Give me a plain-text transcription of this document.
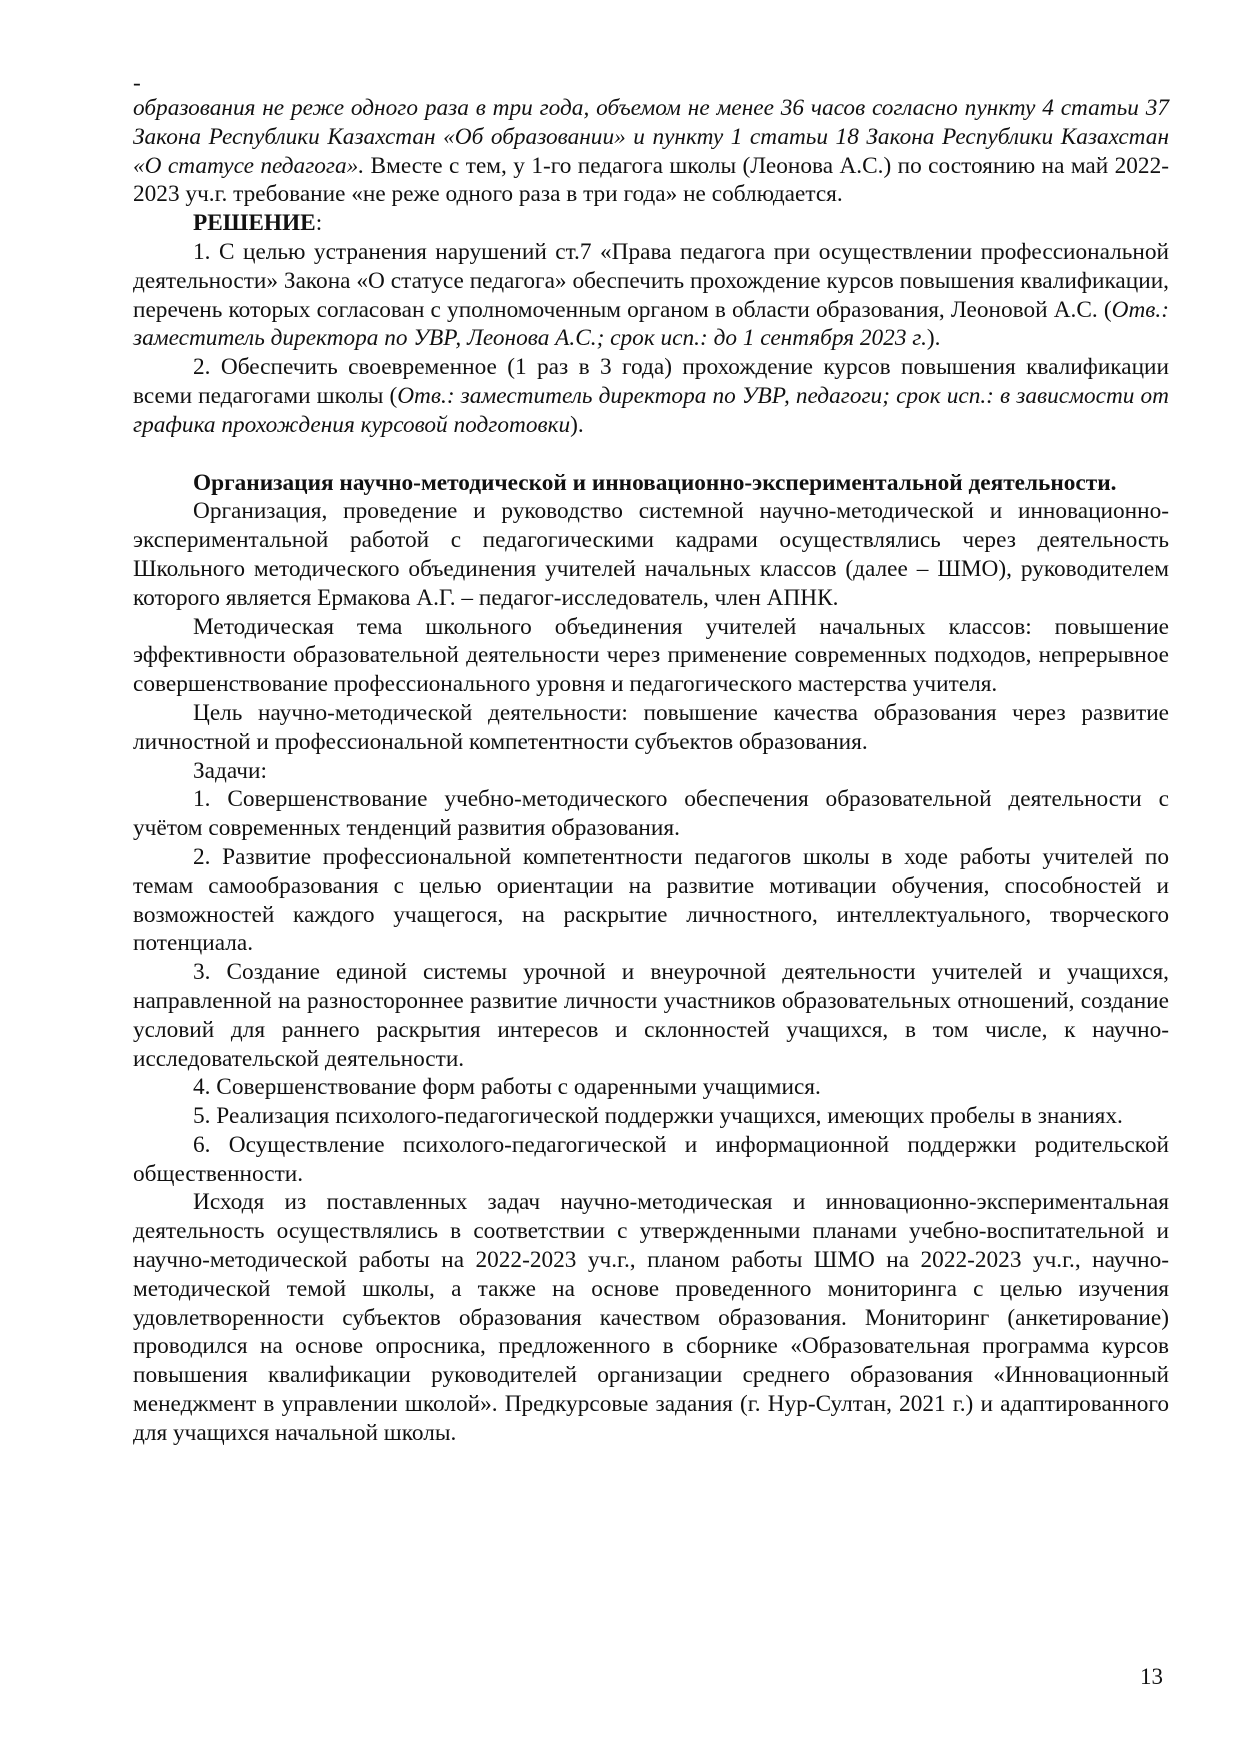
-

образования не реже одного раза в три года, объемом не менее 36 часов согласно пункту 4 статьи 37 Закона Республики Казахстан «Об образовании» и пункту 1 статьи 18 Закона Республики Казахстан «О статусе педагога». Вместе с тем, у 1-го педагога школы (Леонова А.С.) по состоянию на май 2022-2023 уч.г. требование «не реже одного раза в три года» не соблюдается.

РЕШЕНИЕ:

1. С целью устранения нарушений ст.7 «Права педагога при осуществлении профессиональной деятельности» Закона «О статусе педагога» обеспечить прохождение курсов повышения квалификации, перечень которых согласован с уполномоченным органом в области образования, Леоновой А.С. (Отв.: заместитель директора по УВР, Леонова А.С.; срок исп.: до 1 сентября 2023 г.).

2. Обеспечить своевременное (1 раз в 3 года) прохождение курсов повышения квалификации всеми педагогами школы (Отв.: заместитель директора по УВР, педагоги; срок исп.: в зависмости от графика прохождения курсовой подготовки).

Организация научно-методической и инновационно-экспериментальной деятельности.

Организация, проведение и руководство системной научно-методической и инновационно-экспериментальной работой с педагогическими кадрами осуществлялись через деятельность Школьного методического объединения учителей начальных классов (далее – ШМО), руководителем которого является Ермакова А.Г. – педагог-исследователь, член АПНК.

Методическая тема школьного объединения учителей начальных классов: повышение эффективности образовательной деятельности через применение современных подходов, непрерывное совершенствование профессионального уровня и педагогического мастерства учителя.

Цель научно-методической деятельности: повышение качества образования через развитие личностной и профессиональной компетентности субъектов образования.

Задачи:

1. Совершенствование учебно-методического обеспечения образовательной деятельности с учётом современных тенденций развития образования.

2. Развитие профессиональной компетентности педагогов школы в ходе работы учителей по темам самообразования с целью ориентации на развитие мотивации обучения, способностей и возможностей каждого учащегося, на раскрытие личностного, интеллектуального, творческого потенциала.

3. Создание единой системы урочной и внеурочной деятельности учителей и учащихся, направленной на разностороннее развитие личности участников образовательных отношений, создание условий для раннего раскрытия интересов и склонностей учащихся, в том числе, к научно- исследовательской деятельности.

4. Совершенствование форм работы с одаренными учащимися.

5. Реализация психолого-педагогической поддержки учащихся, имеющих пробелы в знаниях.

6. Осуществление психолого-педагогической и информационной поддержки родительской общественности.

Исходя из поставленных задач научно-методическая и инновационно-экспериментальная деятельность осуществлялись в соответствии с утвержденными планами учебно-воспитательной и научно-методической работы на 2022-2023 уч.г., планом работы ШМО на 2022-2023 уч.г., научно-методической темой школы, а также на основе проведенного мониторинга с целью изучения удовлетворенности субъектов образования качеством образования. Мониторинг (анкетирование) проводился на основе опросника, предложенного в сборнике «Образовательная программа курсов повышения квалификации руководителей организации среднего образования «Инновационный менеджмент в управлении школой». Предкурсовые задания (г. Нур-Султан, 2021 г.) и адаптированного для учащихся начальной школы.

13
